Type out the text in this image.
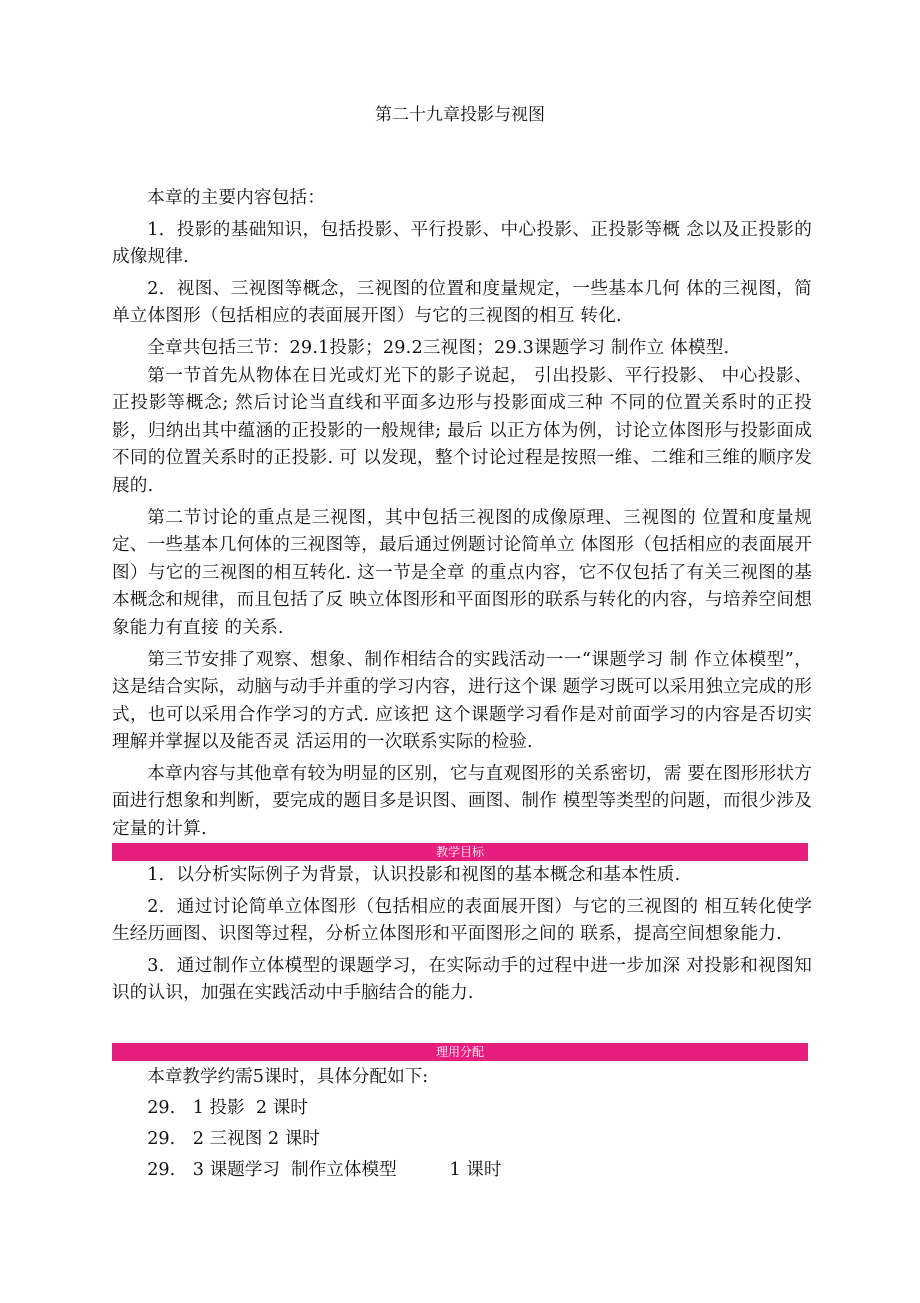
第二十九章投影与视图

本章的主要内容包括：

1．投影的基础知识，包括投影、平行投影、中心投影、正投影等概 念以及正投影的成像规律.

2．视图、三视图等概念，三视图的位置和度量规定，一些基本几何 体的三视图，简单立体图形（包括相应的表面展开图）与它的三视图的相互 转化.

全章共包括三节：29.1投影；29.2三视图；29.3课题学习 制作立 体模型.

第一节首先从物体在日光或灯光下的影子说起， 引出投影、平行投影、 中心投影、正投影等概念; 然后讨论当直线和平面多边形与投影面成三种 不同的位置关系时的正投影，归纳出其中蕴涵的正投影的一般规律; 最后 以正方体为例，讨论立体图形与投影面成不同的位置关系时的正投影. 可 以发现，整个讨论过程是按照一维、二维和三维的顺序发展的.

第二节讨论的重点是三视图，其中包括三视图的成像原理、三视图的 位置和度量规定、一些基本几何体的三视图等，最后通过例题讨论简单立 体图形（包括相应的表面展开图）与它的三视图的相互转化. 这一节是全章 的重点内容，它不仅包括了有关三视图的基本概念和规律，而且包括了反 映立体图形和平面图形的联系与转化的内容，与培养空间想象能力有直接 的关系.

第三节安排了观察、想象、制作相结合的实践活动一一“课题学习 制 作立体模型”，这是结合实际，动脑与动手并重的学习内容，进行这个课 题学习既可以采用独立完成的形式，也可以采用合作学习的方式. 应该把 这个课题学习看作是对前面学习的内容是否切实理解并掌握以及能否灵 活运用的一次联系实际的检验.

本章内容与其他章有较为明显的区别，它与直观图形的关系密切，需 要在图形形状方面进行想象和判断，要完成的题目多是识图、画图、制作 模型等类型的问题，而很少涉及定量的计算.

教学目标

1．以分析实际例子为背景，认识投影和视图的基本概念和基本性质.

2．通过讨论简单立体图形（包括相应的表面展开图）与它的三视图的 相互转化使学生经历画图、识图等过程，分析立体图形和平面图形之间的 联系，提高空间想象能力.

3．通过制作立体模型的课题学习，在实际动手的过程中进一步加深 对投影和视图知识的认识，加强在实践活动中手脑结合的能力.

理用分配
本章教学约需5课时，具体分配如下:
29.　1 投影  2 课时
29.　2 三视图 2 课时
29.　3 课题学习  制作立体模型　　　1 课时
